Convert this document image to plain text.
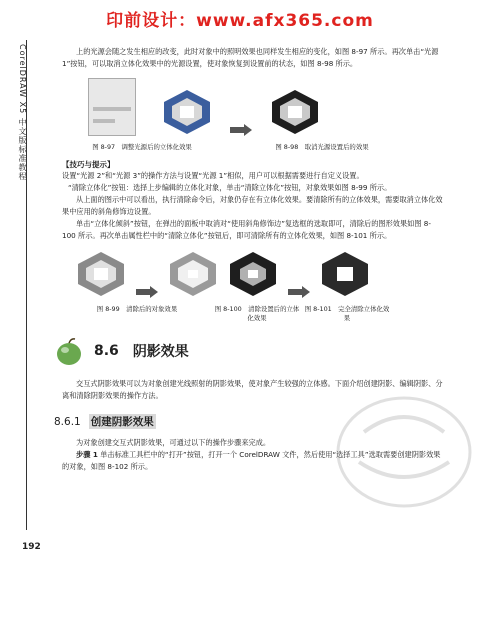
印前设计：www.afx365.com
CorelDRAW X5 中文版标准教程
192

上的光源会随之发生相应的改变，此时对象中的照明效果也同样发生相应的变化，如图 8-97 所示。再次单击“光源 1”按钮，可以取消立体化效果中的光源设置，使对象恢复到设置前的状态，如图 8-98 所示。

图 8-97　调整光源后的立体化效果	图 8-98　取消光源设置后的效果
【技巧与提示】

设置“光源 2”和“光源 3”的操作方法与设置“光源 1”相似，用户可以根据需要进行自定义设置。

“清除立体化”按钮：选择上步编辑的立体化对象，单击“清除立体化”按钮，对象效果如图 8-99 所示。

从上面的图示中可以看出，执行清除命令后，对象仍存在有立体化效果。要清除所有的立体效果，需要取消立体化效果中应用的斜角修饰边设置。

单击“立体化倾斜”按钮，在弹出的面板中取消对“使用斜角修饰边”复选框的选取即可，清除后的图形效果如图 8-100 所示。再次单击属性栏中的“清除立体化”按钮后，即可清除所有的立体化效果，如图 8-101 所示。

图 8-99　清除后的对象效果	图 8-100　清除设置后的立体化效果
图 8-101　完全清除立体化效果
8.6 阴影效果

交互式阴影效果可以为对象创建光线照射的阴影效果，使对象产生较强的立体感。下面介绍创建阴影、编辑阴影、分离和清除阴影效果的操作方法。

8.6.1 创建阴影效果

为对象创建交互式阴影效果，可通过以下的操作步骤来完成。

步骤 1 单击标准工具栏中的“打开”按钮，打开一个 CorelDRAW 文件，然后使用“选择工具”选取需要创建阴影效果的对象，如图 8-102 所示。
